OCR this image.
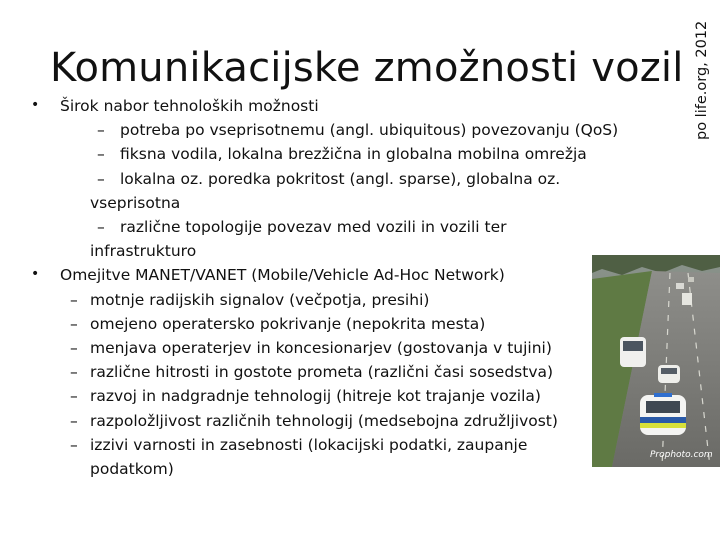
Komunikacijske zmožnosti vozil po life.org, 2012
• Širok nabor tehnoloških možnosti
– potreba po vseprisotnemu (angl. ubiquitous) povezovanju (QoS)
– fiksna vodila, lokalna brezžična in globalna mobilna omrežja
– lokalna oz. poredka pokritost (angl. sparse), globalna oz.
vseprisotna
– različne topologije povezav med vozili in vozili ter
infrastrukturo
• Omejitve MANET/VANET (Mobile/Vehicle Ad-Hoc Network)
– motnje radijskih signalov (večpotja, presihi)
– omejeno operatersko pokrivanje (nepokrita mesta)
– menjava operaterjev in koncesionarjev (gostovanja v tujini)
– različne hitrosti in gostote prometa (različni časi sosedstva)
– razvoj in nadgradnje tehnologij (hitreje kot trajanje vozila)
– razpoložljivost različnih tehnologij (medsebojna združljivost)
– izzivi varnosti in zasebnosti (lokacijski podatki, zaupanje
podatkom)
Prophoto.com
